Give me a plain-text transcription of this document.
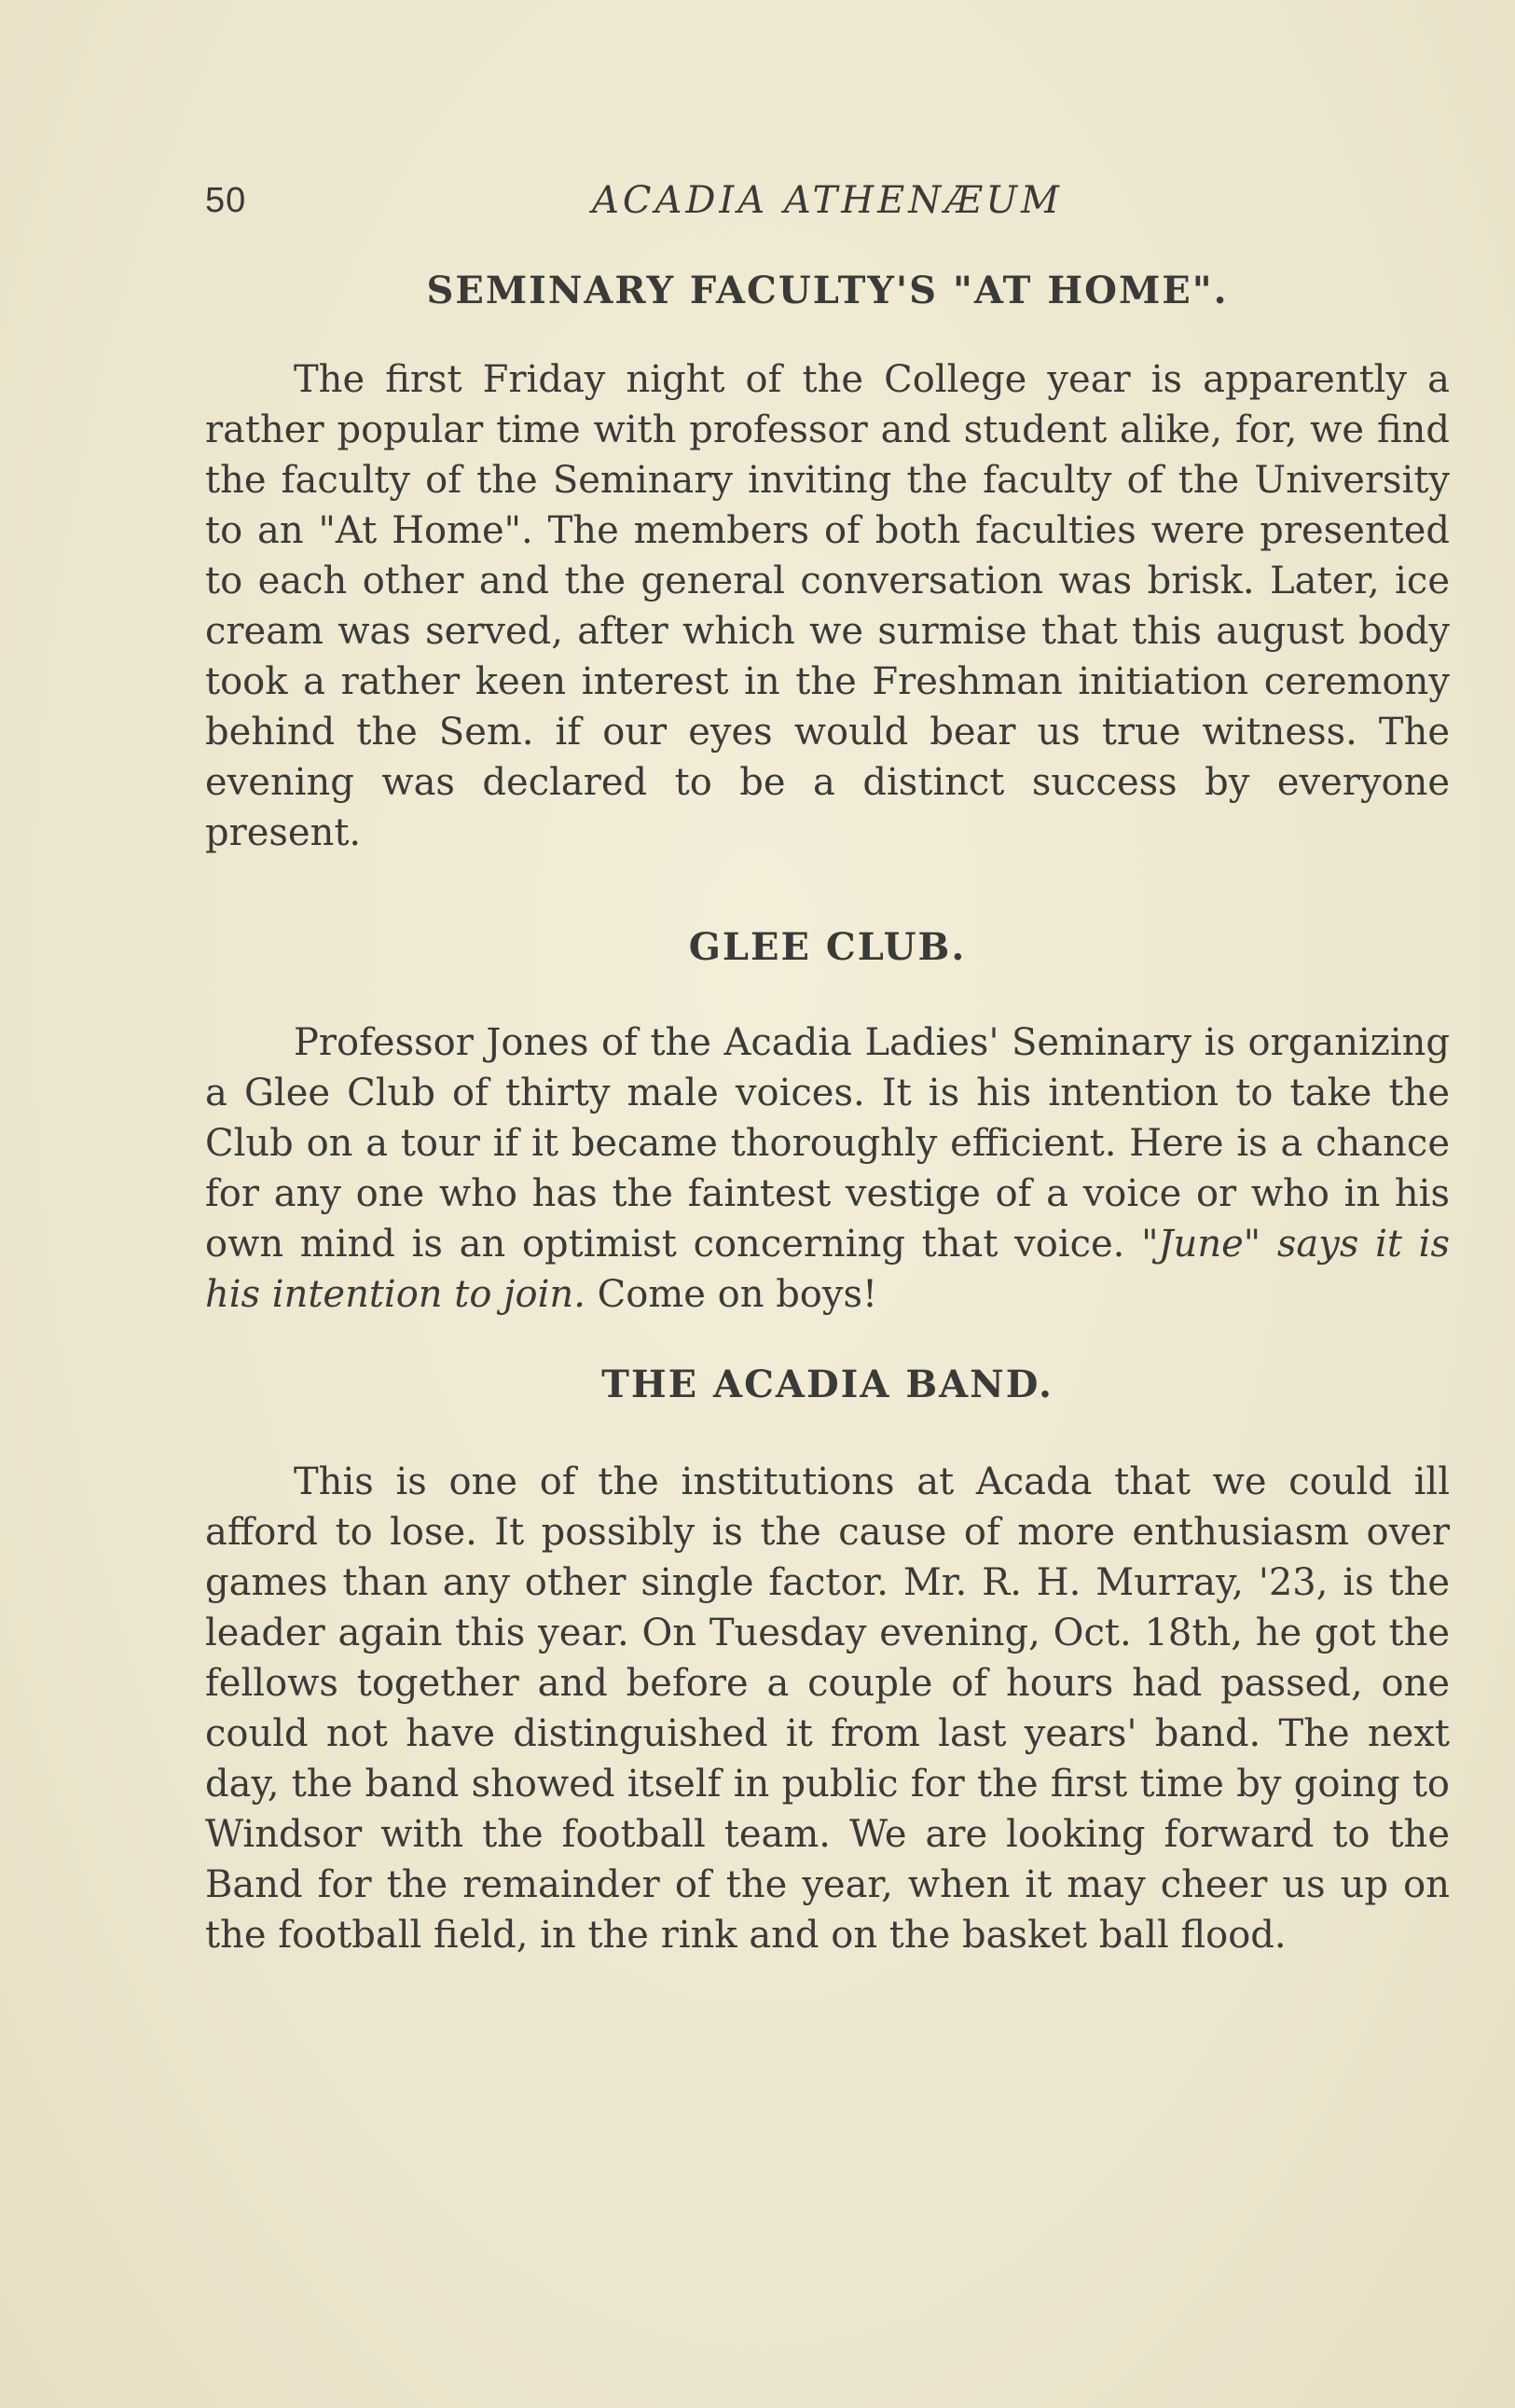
50	ACADIA ATHENÆUM
SEMINARY FACULTY'S "AT HOME".

The first Friday night of the College year is apparently a rather popular time with professor and student alike, for, we find the faculty of the Seminary inviting the faculty of the University to an "At Home". The members of both faculties were presented to each other and the general conversation was brisk. Later, ice cream was served, after which we surmise that this august body took a rather keen interest in the Freshman initiation ceremony behind the Sem. if our eyes would bear us true witness. The evening was declared to be a distinct success by everyone present.

GLEE CLUB.

Professor Jones of the Acadia Ladies' Seminary is organizing a Glee Club of thirty male voices. It is his intention to take the Club on a tour if it became thoroughly efficient. Here is a chance for any one who has the faintest vestige of a voice or who in his own mind is an optimist concerning that voice. "June" says it is his intention to join. Come on boys!

THE ACADIA BAND.

This is one of the institutions at Acada that we could ill afford to lose. It possibly is the cause of more enthusiasm over games than any other single factor. Mr. R. H. Murray, '23, is the leader again this year. On Tuesday evening, Oct. 18th, he got the fellows together and before a couple of hours had passed, one could not have distinguished it from last years' band. The next day, the band showed itself in public for the first time by going to Windsor with the football team. We are looking forward to the Band for the remainder of the year, when it may cheer us up on the football field, in the rink and on the basket ball flood.
